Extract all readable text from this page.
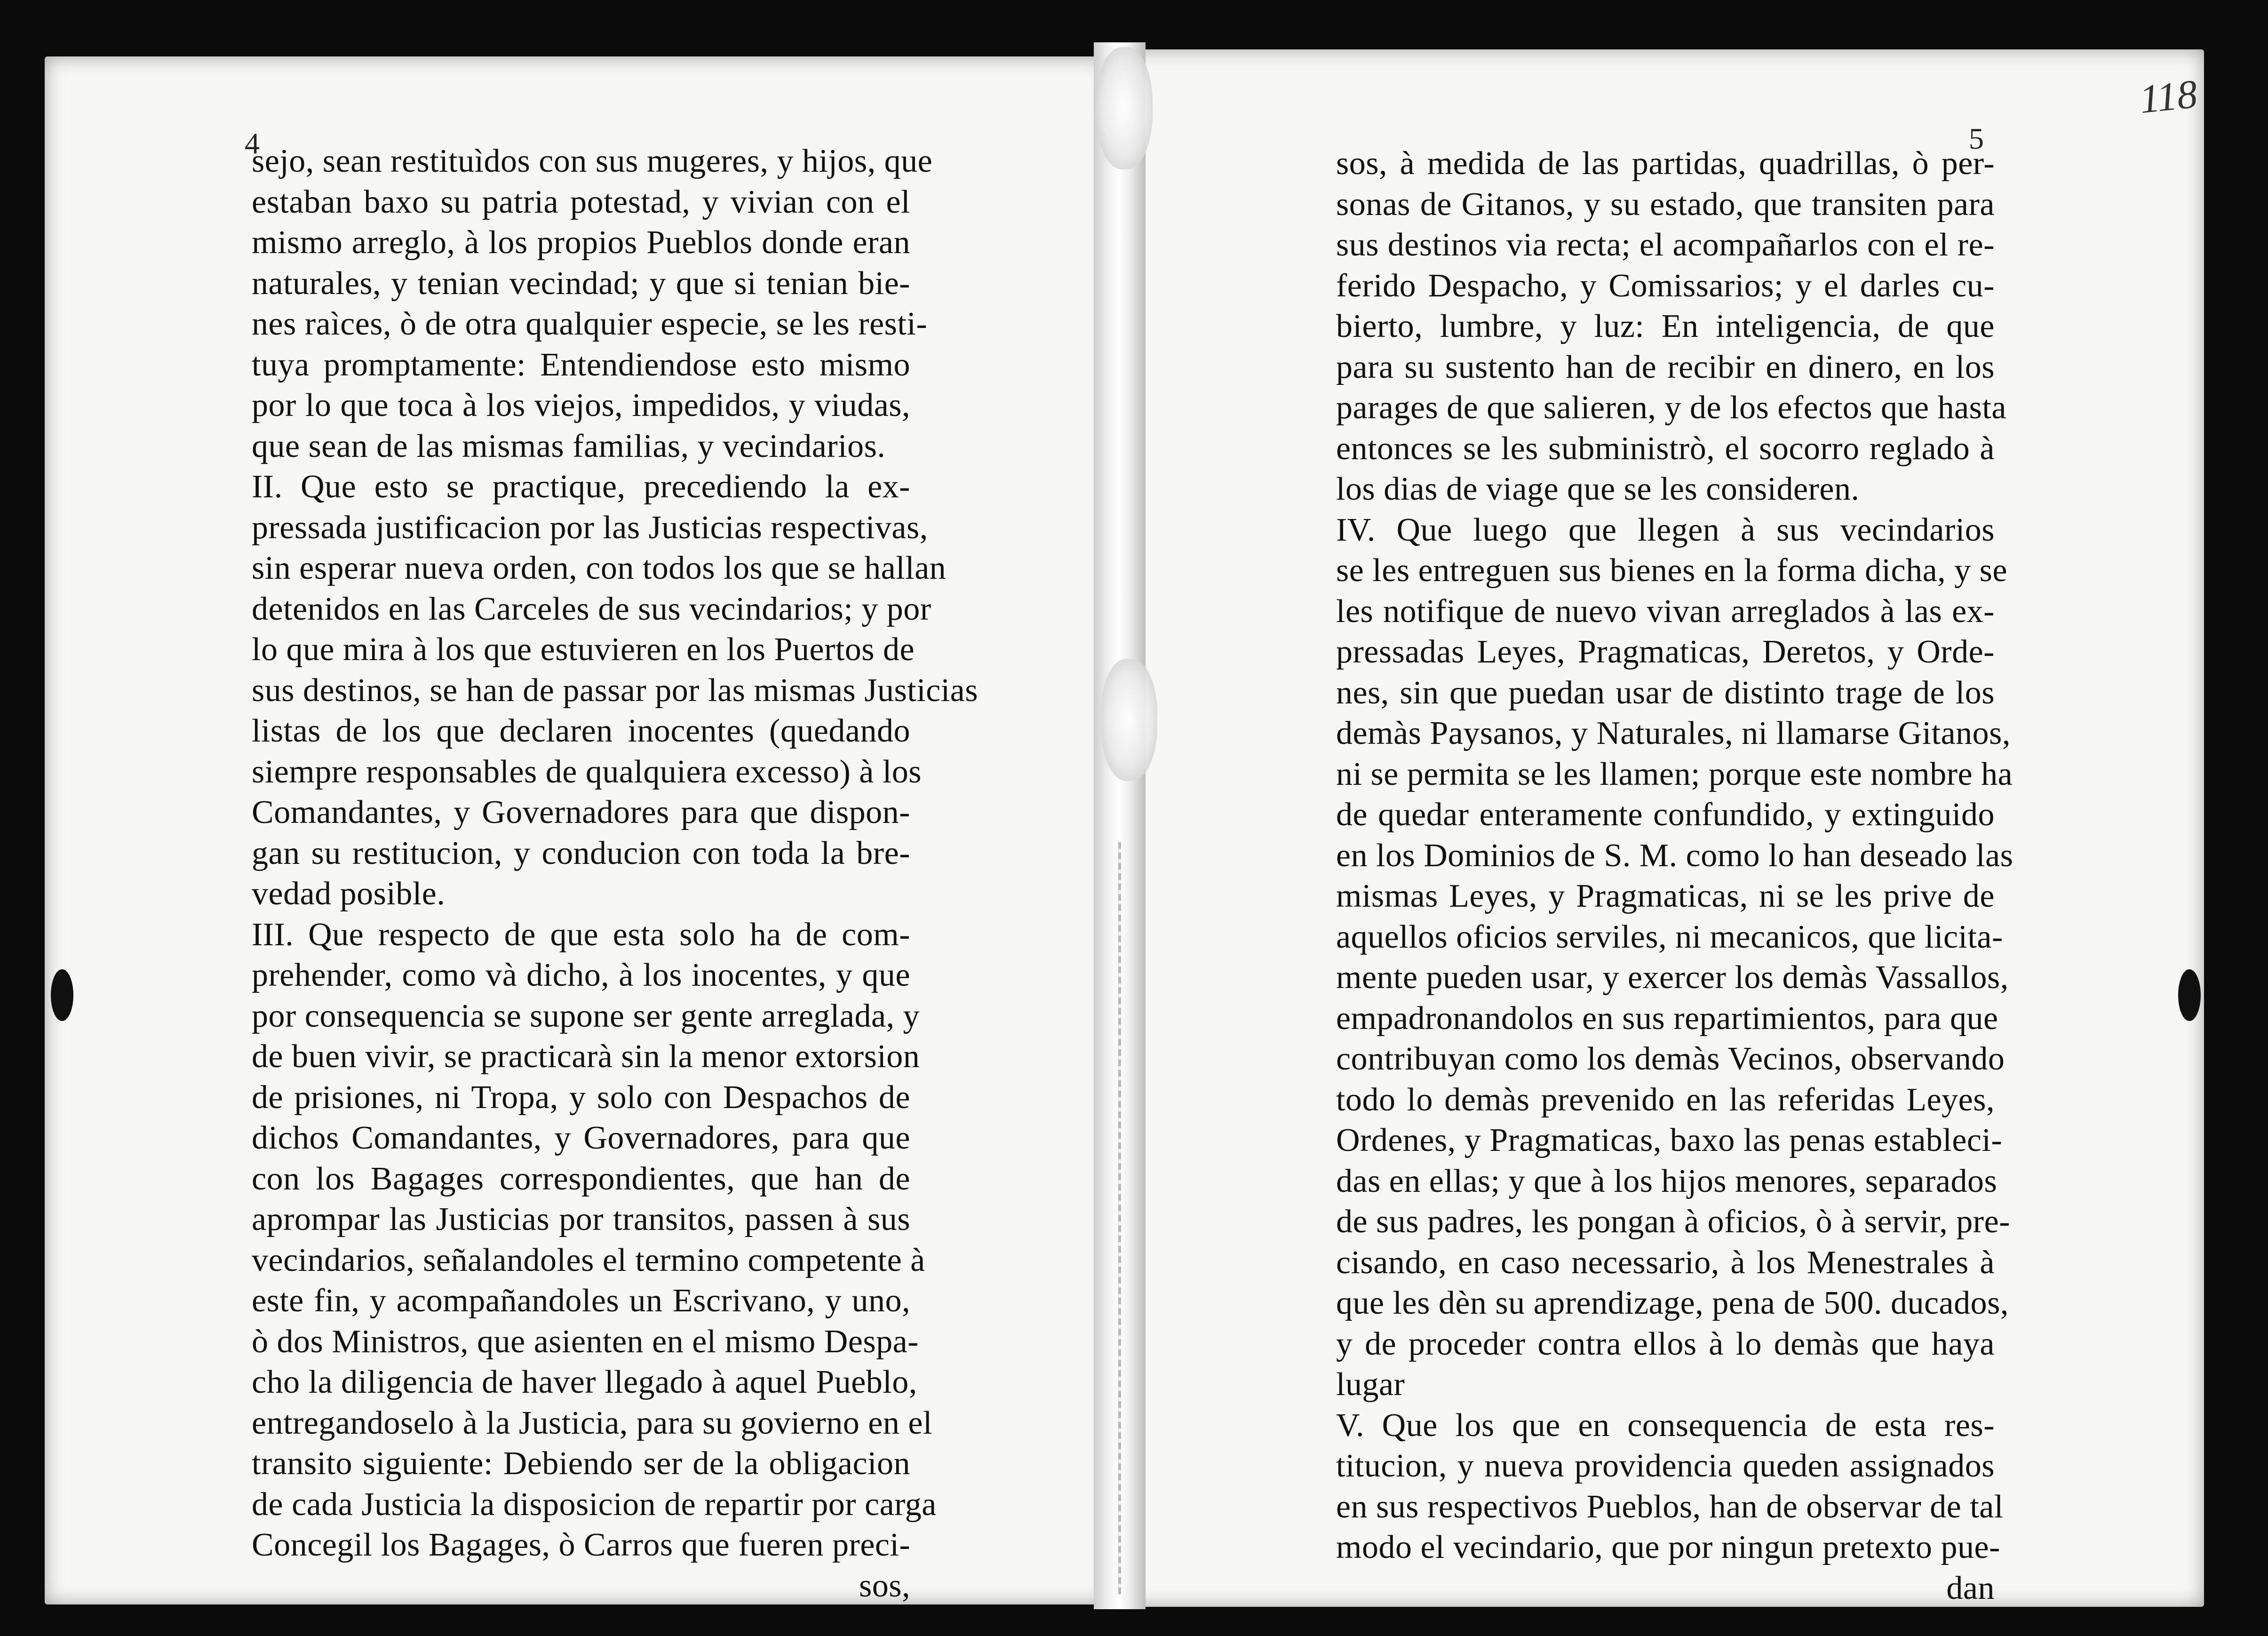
4	5
118
sejo, sean restituìdos con sus mugeres, y hijos, que
estaban baxo su patria potestad, y vivian con el
mismo arreglo, à los propios Pueblos donde eran
naturales, y tenian vecindad; y que si tenian bie-
nes raìces, ò de otra qualquier especie, se les resti-
tuya promptamente: Entendiendose esto mismo
por lo que toca à los viejos, impedidos, y viudas,
que sean de las mismas familias, y vecindarios.
II. Que esto se practique, precediendo la ex-
pressada justificacion por las Justicias respectivas,
sin esperar nueva orden, con todos los que se hallan
detenidos en las Carceles de sus vecindarios; y por
lo que mira à los que estuvieren en los Puertos de
sus destinos, se han de passar por las mismas Justicias
listas de los que declaren inocentes (quedando
siempre responsables de qualquiera excesso) à los
Comandantes, y Governadores para que dispon-
gan su restitucion, y conducion con toda la bre-
vedad posible.
III. Que respecto de que esta solo ha de com-
prehender, como và dicho, à los inocentes, y que
por consequencia se supone ser gente arreglada, y
de buen vivir, se practicarà sin la menor extorsion
de prisiones, ni Tropa, y solo con Despachos de
dichos Comandantes, y Governadores, para que
con los Bagages correspondientes, que han de
aprompar las Justicias por transitos, passen à sus
vecindarios, señalandoles el termino competente à
este fin, y acompañandoles un Escrivano, y uno,
ò dos Ministros, que asienten en el mismo Despa-
cho la diligencia de haver llegado à aquel Pueblo,
entregandoselo à la Justicia, para su govierno en el
transito siguiente: Debiendo ser de la obligacion
de cada Justicia la disposicion de repartir por carga
Concegil los Bagages, ò Carros que fueren preci-
sos,
sos, à medida de las partidas, quadrillas, ò per-
sonas de Gitanos, y su estado, que transiten para
sus destinos via recta; el acompañarlos con el re-
ferido Despacho, y Comissarios; y el darles cu-
bierto, lumbre, y luz: En inteligencia, de que
para su sustento han de recibir en dinero, en los
parages de que salieren, y de los efectos que hasta
entonces se les subministrò, el socorro reglado à
los dias de viage que se les consideren.
IV. Que luego que llegen à sus vecindarios
se les entreguen sus bienes en la forma dicha, y se
les notifique de nuevo vivan arreglados à las ex-
pressadas Leyes, Pragmaticas, Deretos, y Orde-
nes, sin que puedan usar de distinto trage de los
demàs Paysanos, y Naturales, ni llamarse Gitanos,
ni se permita se les llamen; porque este nombre ha
de quedar enteramente confundido, y extinguido
en los Dominios de S. M. como lo han deseado las
mismas Leyes, y Pragmaticas, ni se les prive de
aquellos oficios serviles, ni mecanicos, que licita-
mente pueden usar, y exercer los demàs Vassallos,
empadronandolos en sus repartimientos, para que
contribuyan como los demàs Vecinos, observando
todo lo demàs prevenido en las referidas Leyes,
Ordenes, y Pragmaticas, baxo las penas estableci-
das en ellas; y que à los hijos menores, separados
de sus padres, les pongan à oficios, ò à servir, pre-
cisando, en caso necessario, à los Menestrales à
que les dèn su aprendizage, pena de 500. ducados,
y de proceder contra ellos à lo demàs que haya
lugar
V. Que los que en consequencia de esta res-
titucion, y nueva providencia queden assignados
en sus respectivos Pueblos, han de observar de tal
modo el vecindario, que por ningun pretexto pue-
dan
